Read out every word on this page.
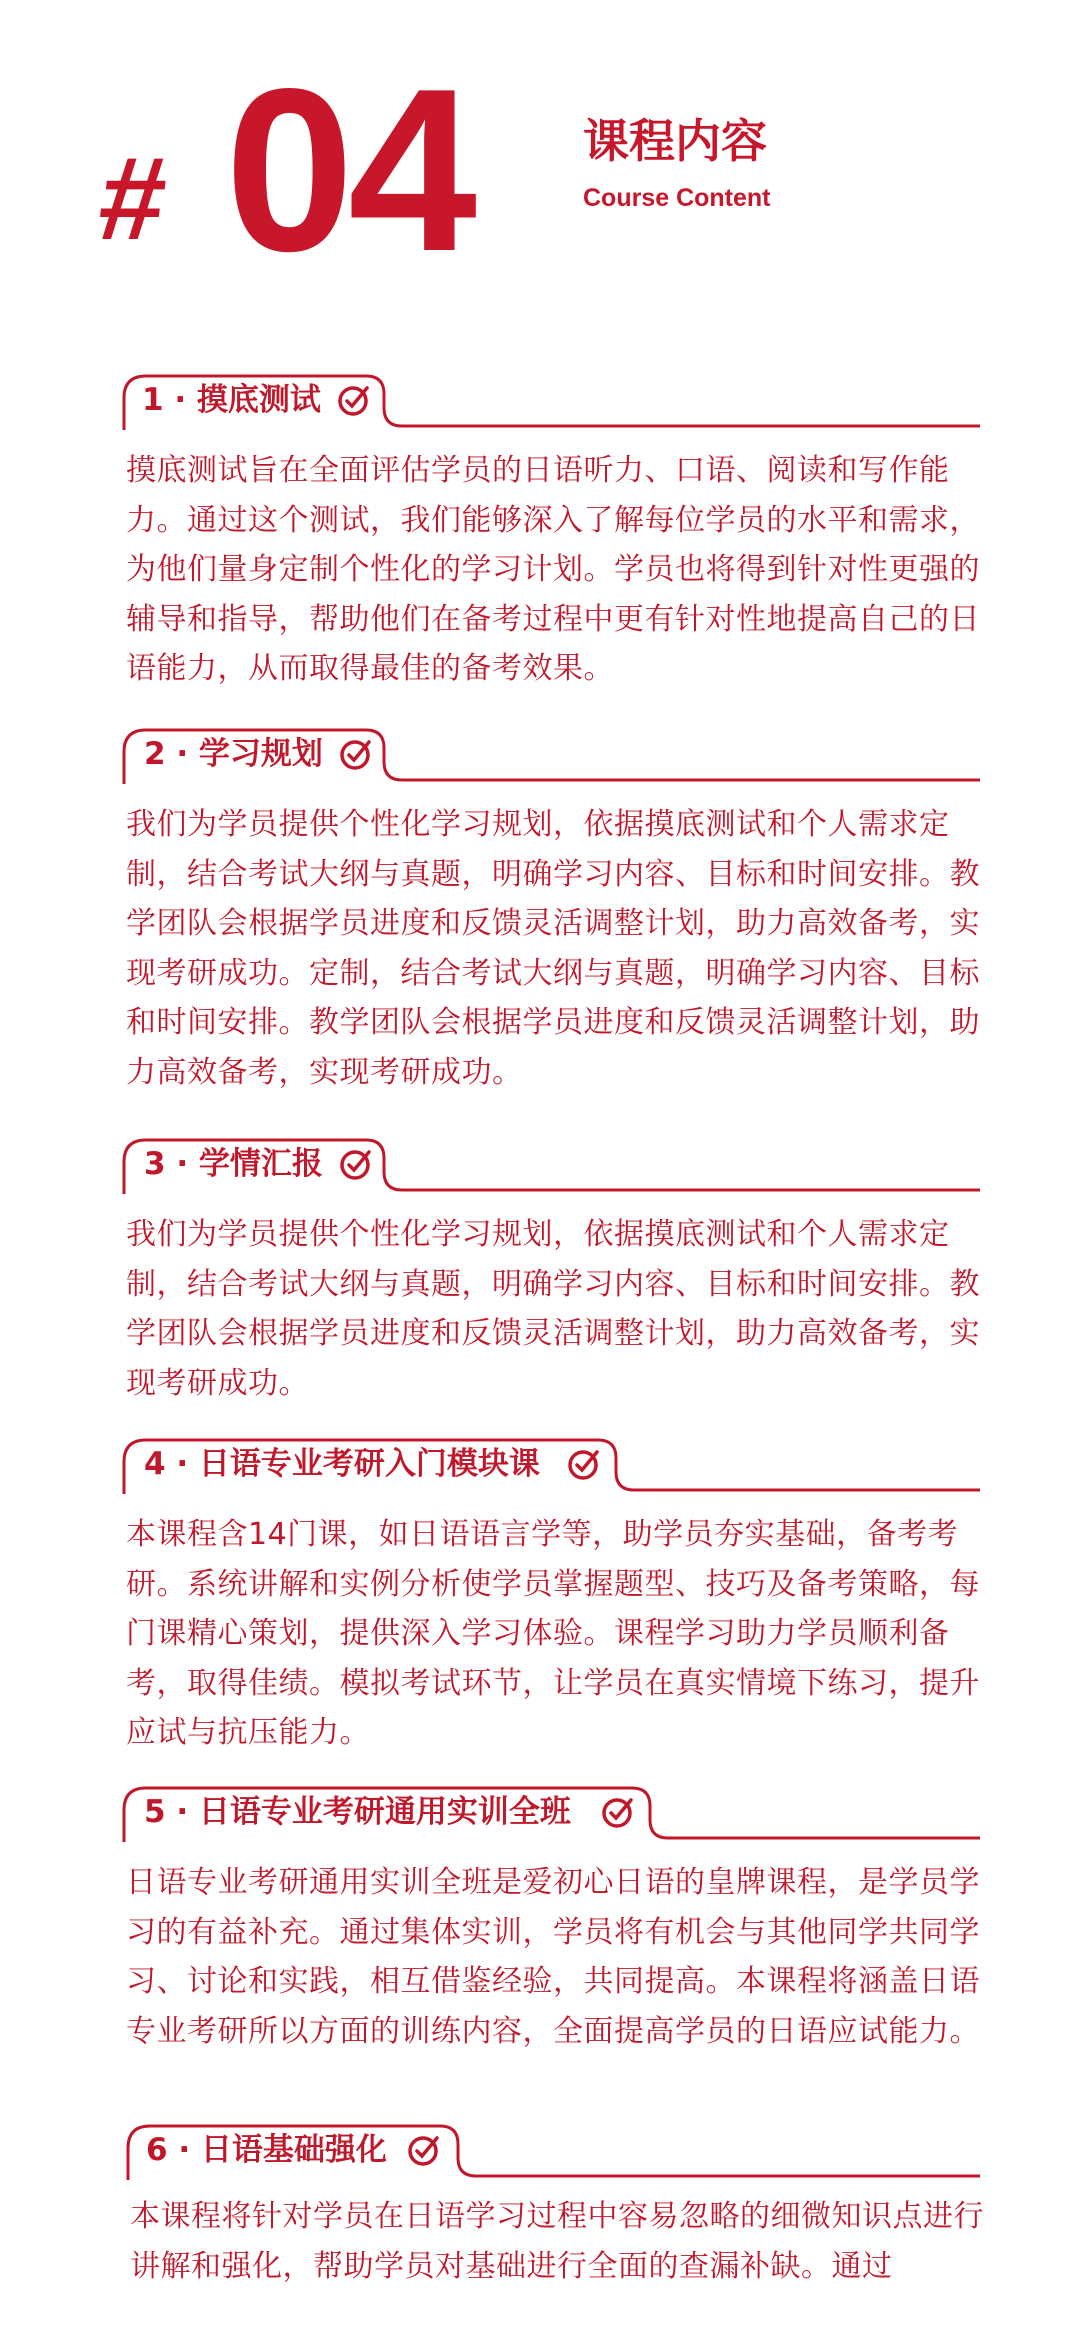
# 04 课程内容
Course Content
1 · 摸底测试
摸底测试旨在全面评估学员的日语听力、口语、阅读和写作能力。通过这个测试，我们能够深入了解每位学员的水平和需求，为他们量身定制个性化的学习计划。学员也将得到针对性更强的辅导和指导，帮助他们在备考过程中更有针对性地提高自己的日语能力，从而取得最佳的备考效果。
2 · 学习规划
我们为学员提供个性化学习规划，依据摸底测试和个人需求定制，结合考试大纲与真题，明确学习内容、目标和时间安排。教学团队会根据学员进度和反馈灵活调整计划，助力高效备考，实现考研成功。定制，结合考试大纲与真题，明确学习内容、目标和时间安排。教学团队会根据学员进度和反馈灵活调整计划，助力高效备考，实现考研成功。
3 · 学情汇报
我们为学员提供个性化学习规划，依据摸底测试和个人需求定制，结合考试大纲与真题，明确学习内容、目标和时间安排。教学团队会根据学员进度和反馈灵活调整计划，助力高效备考，实现考研成功。
4 · 日语专业考研入门模块课
本课程含14门课，如日语语言学等，助学员夯实基础，备考考研。系统讲解和实例分析使学员掌握题型、技巧及备考策略，每门课精心策划，提供深入学习体验。课程学习助力学员顺利备考，取得佳绩。模拟考试环节，让学员在真实情境下练习，提升应试与抗压能力。
5 · 日语专业考研通用实训全班
日语专业考研通用实训全班是爱初心日语的皇牌课程，是学员学习的有益补充。通过集体实训，学员将有机会与其他同学共同学习、讨论和实践，相互借鉴经验，共同提高。本课程将涵盖日语专业考研所以方面的训练内容，全面提高学员的日语应试能力。
6 · 日语基础强化
本课程将针对学员在日语学习过程中容易忽略的细微知识点进行讲解和强化，帮助学员对基础进行全面的查漏补缺。通过
